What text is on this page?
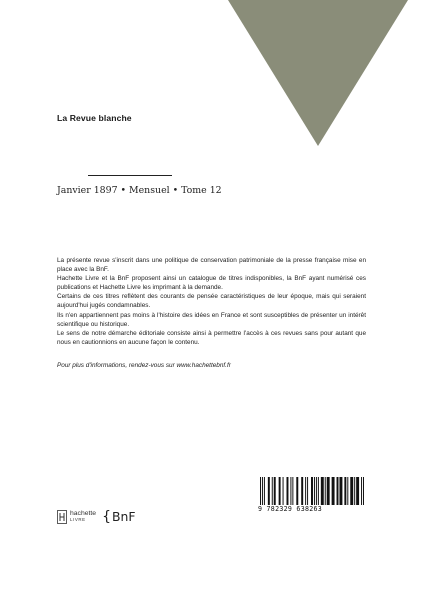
La Revue blanche
Janvier 1897 • Mensuel • Tome 12

La présente revue s'inscrit dans une politique de conservation patrimoniale de la presse française mise en place avec la BnF.

Hachette Livre et la BnF proposent ainsi un catalogue de titres indisponibles, la BnF ayant numérisé ces publications et Hachette Livre les imprimant à la demande.

Certains de ces titres reflètent des courants de pensée caractéristiques de leur époque, mais qui seraient aujourd'hui jugés condamnables.

Ils n'en appartiennent pas moins à l'histoire des idées en France et sont susceptibles de présenter un intérêt scientifique ou historique.

Le sens de notre démarche éditoriale consiste ainsi à permettre l'accès à ces revues sans pour autant que nous en cautionnions en aucune façon le contenu.

Pour plus d'informations, rendez-vous sur www.hachettebnf.fr
hachette
LIVRE	{ BnF	9 782329 638263
